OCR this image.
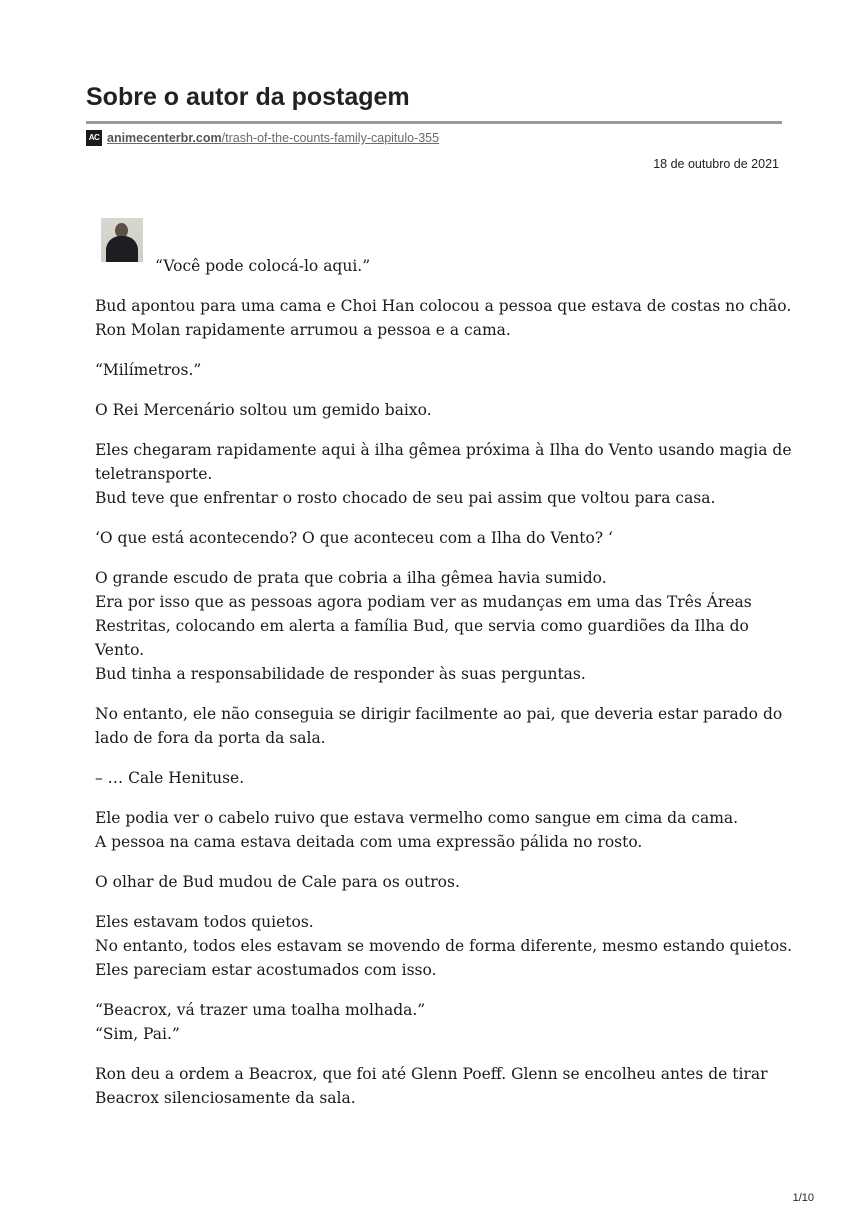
Sobre o autor da postagem
AC animecenterbr.com/trash-of-the-counts-family-capitulo-355
18 de outubro de 2021

“Você pode colocá-lo aqui.”

Bud apontou para uma cama e Choi Han colocou a pessoa que estava de costas no chão.
Ron Molan rapidamente arrumou a pessoa e a cama.

“Milímetros.”

O Rei Mercenário soltou um gemido baixo.

Eles chegaram rapidamente aqui à ilha gêmea próxima à Ilha do Vento usando magia de teletransporte.
Bud teve que enfrentar o rosto chocado de seu pai assim que voltou para casa.

‘O que está acontecendo? O que aconteceu com a Ilha do Vento? ‘

O grande escudo de prata que cobria a ilha gêmea havia sumido.
Era por isso que as pessoas agora podiam ver as mudanças em uma das Três Áreas Restritas, colocando em alerta a família Bud, que servia como guardiões da Ilha do Vento.
Bud tinha a responsabilidade de responder às suas perguntas.

No entanto, ele não conseguia se dirigir facilmente ao pai, que deveria estar parado do lado de fora da porta da sala.

– … Cale Henituse.

Ele podia ver o cabelo ruivo que estava vermelho como sangue em cima da cama.
A pessoa na cama estava deitada com uma expressão pálida no rosto.

O olhar de Bud mudou de Cale para os outros.

Eles estavam todos quietos.
No entanto, todos eles estavam se movendo de forma diferente, mesmo estando quietos.
Eles pareciam estar acostumados com isso.

“Beacrox, vá trazer uma toalha molhada.”
“Sim, Pai.”

Ron deu a ordem a Beacrox, que foi até Glenn Poeff. Glenn se encolheu antes de tirar Beacrox silenciosamente da sala.

1/10
